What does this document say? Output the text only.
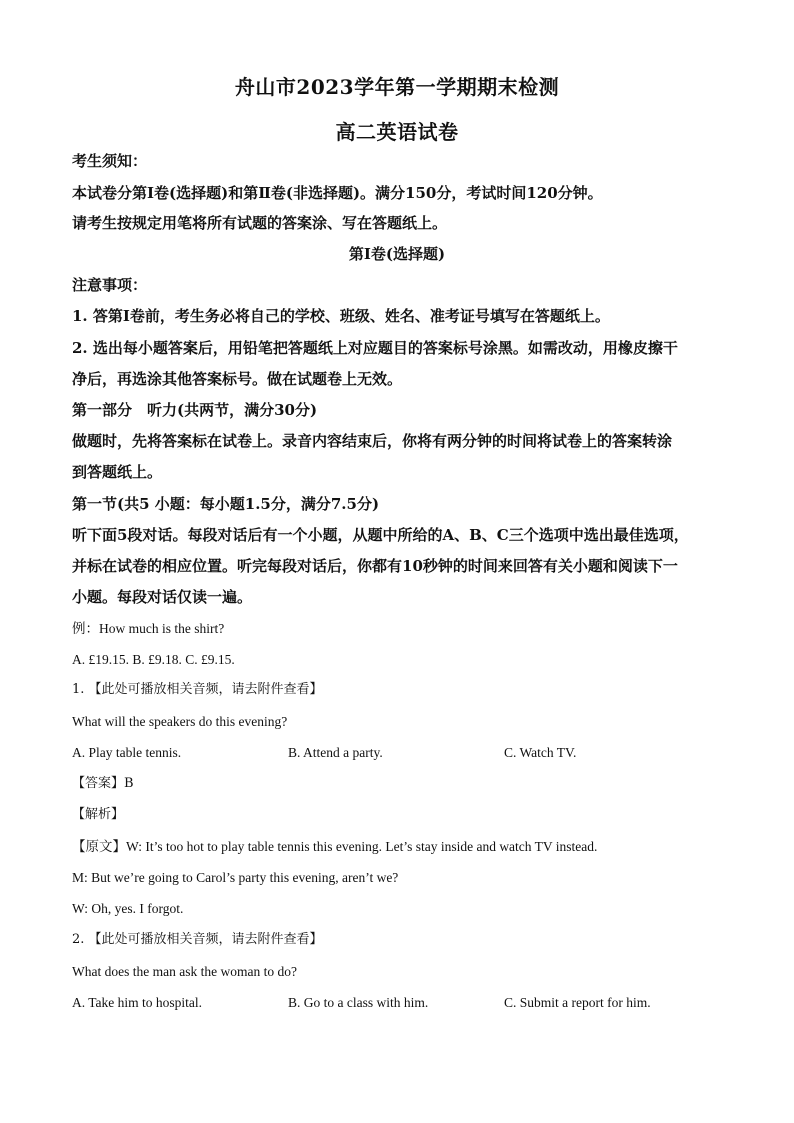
舟山市2023学年第一学期期末检测
高二英语试卷
考生须知：
本试卷分第Ⅰ卷(选择题)和第Ⅱ卷(非选择题)。满分150分，考试时间120分钟。
请考生按规定用笔将所有试题的答案涂、写在答题纸上。
第Ⅰ卷(选择题)
注意事项：
1. 答第Ⅰ卷前，考生务必将自己的学校、班级、姓名、准考证号填写在答题纸上。
2. 选出每小题答案后，用铅笔把答题纸上对应题目的答案标号涂黑。如需改动，用橡皮擦干
净后，再选涂其他答案标号。做在试题卷上无效。
第一部分　听力(共两节，满分30分)
做题时，先将答案标在试卷上。录音内容结束后，你将有两分钟的时间将试卷上的答案转涂
到答题纸上。
第一节(共5 小题：每小题1.5分，满分7.5分)
听下面5段对话。每段对话后有一个小题，从题中所给的A、B、C三个选项中选出最佳选项，
并标在试卷的相应位置。听完每段对话后，你都有10秒钟的时间来回答有关小题和阅读下一
小题。每段对话仅读一遍。
例：How much is the shirt?
A. £19.15. B. £9.18. C. £9.15.
1. 【此处可播放相关音频，请去附件查看】
What will the speakers do this evening?
A. Play table tennis.	B. Attend a party.	C. Watch TV.
【答案】B
【解析】
【原文】W: It’s too hot to play table tennis this evening. Let’s stay inside and watch TV instead.
M: But we’re going to Carol’s party this evening, aren’t we?
W: Oh, yes. I forgot.
2. 【此处可播放相关音频，请去附件查看】
What does the man ask the woman to do?
A. Take him to hospital.	B. Go to a class with him.	C. Submit a report for him.
